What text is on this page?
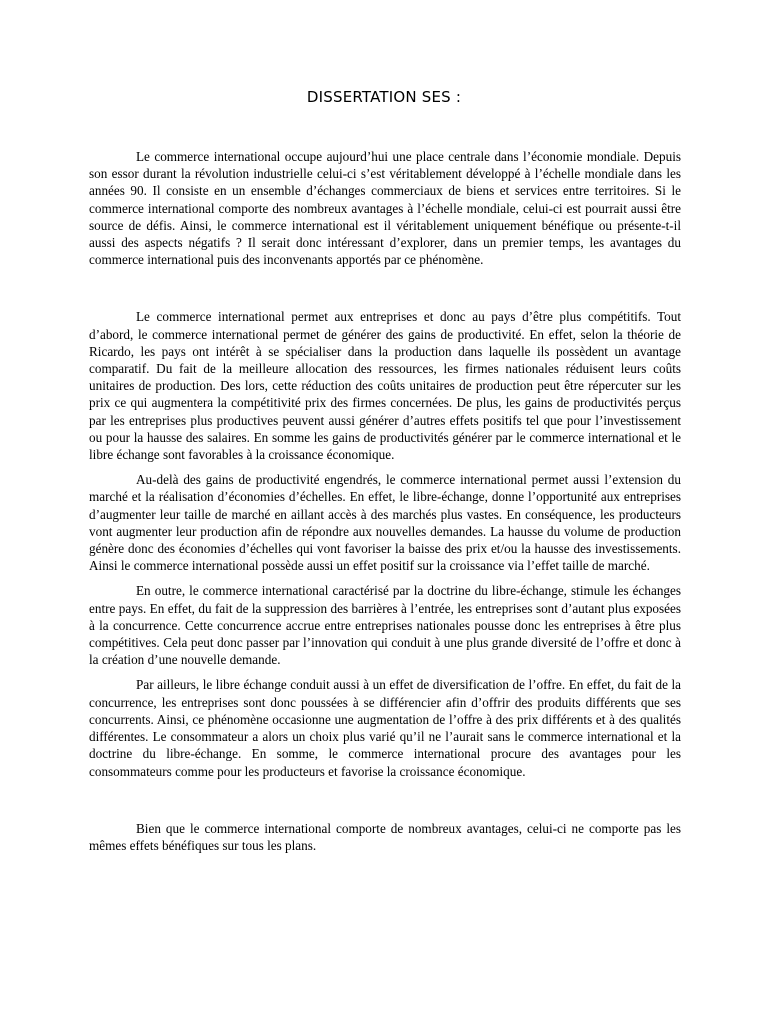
DISSERTATION SES :

Le commerce international occupe aujourd’hui une place centrale dans l’économie mondiale. Depuis son essor durant la révolution industrielle celui-ci s’est véritablement développé à l’échelle mondiale dans les années 90. Il consiste en un ensemble d’échanges commerciaux de biens et services entre territoires. Si le commerce international comporte des nombreux avantages à l’échelle mondiale, celui-ci est pourrait aussi être source de défis. Ainsi, le commerce international est il véritablement uniquement bénéfique ou présente-t-il aussi des aspects négatifs ? Il serait donc intéressant d’explorer, dans un premier temps, les avantages du commerce international puis des inconvenants apportés par ce phénomène.

Le commerce international permet aux entreprises et donc au pays d’être plus compétitifs. Tout d’abord, le commerce international permet de générer des gains de productivité. En effet, selon la théorie de Ricardo, les pays ont intérêt à se spécialiser dans la production dans laquelle ils possèdent un avantage comparatif. Du fait de la meilleure allocation des ressources, les firmes nationales réduisent leurs coûts unitaires de production. Des lors, cette réduction des coûts unitaires de production peut être répercuter sur les prix ce qui augmentera la compétitivité prix des firmes concernées. De plus, les gains de productivités perçus par les entreprises plus productives peuvent aussi générer d’autres effets positifs tel que pour l’investissement ou pour la hausse des salaires. En somme les gains de productivités générer par le commerce international et le libre échange sont favorables à la croissance économique.

Au-delà des gains de productivité engendrés, le commerce international permet aussi l’extension du marché et la réalisation d’économies d’échelles. En effet, le libre-échange, donne l’opportunité aux entreprises d’augmenter leur taille de marché en aillant accès à des marchés plus vastes. En conséquence, les producteurs vont augmenter leur production afin de répondre aux nouvelles demandes. La hausse du volume de production génère donc des économies d’échelles qui vont favoriser la baisse des prix et/ou la hausse des investissements. Ainsi le commerce international possède aussi un effet positif sur la croissance via l’effet taille de marché.

En outre, le commerce international caractérisé par la doctrine du libre-échange, stimule les échanges entre pays. En effet, du fait de la suppression des barrières à l’entrée, les entreprises sont d’autant plus exposées à la concurrence. Cette concurrence accrue entre entreprises nationales pousse donc les entreprises à être plus compétitives. Cela peut donc passer par l’innovation qui conduit à une plus grande diversité de l’offre et donc à la création d’une nouvelle demande.

Par ailleurs, le libre échange conduit aussi à un effet de diversification de l’offre. En effet, du fait de la concurrence, les entreprises sont donc poussées à se différencier afin d’offrir des produits différents que ses concurrents. Ainsi, ce phénomène occasionne une augmentation de l’offre à des prix différents et à des qualités différentes. Le consommateur a alors un choix plus varié qu’il ne l’aurait sans le commerce international et la doctrine du libre-échange. En somme, le commerce international procure des avantages pour les consommateurs comme pour les producteurs et favorise la croissance économique.

Bien que le commerce international comporte de nombreux avantages, celui-ci ne comporte pas les mêmes effets bénéfiques sur tous les plans.
